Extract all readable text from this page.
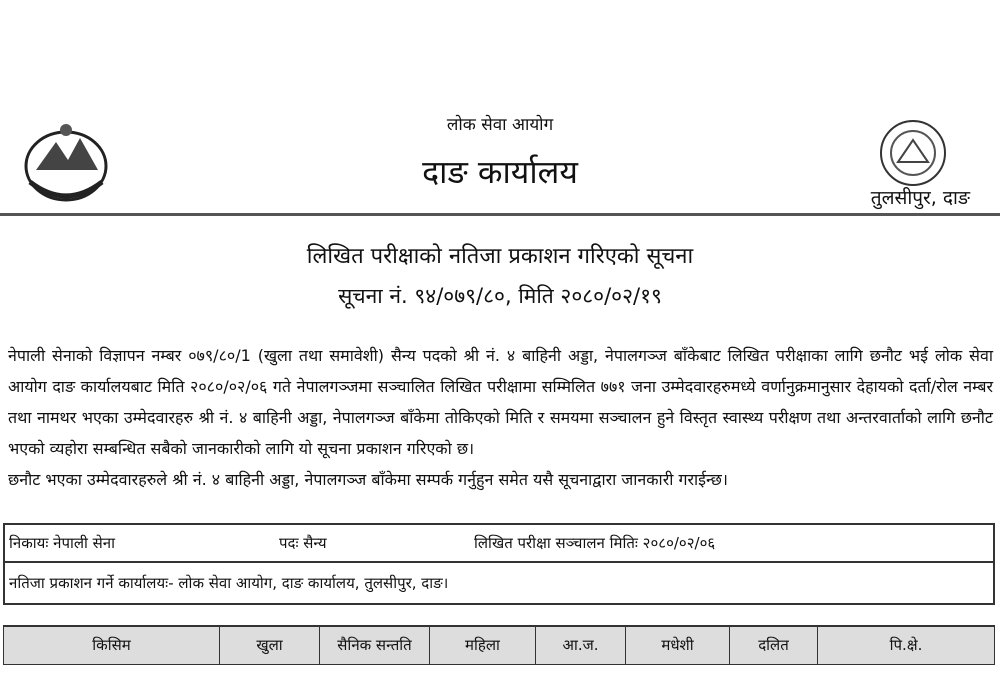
लोक सेवा आयोग
दाङ कार्यालय
तुलसीपुर, दाङ
लिखित परीक्षाको नतिजा प्रकाशन गरिएको सूचना
सूचना नं. ९४/०७९/८०, मिति २०८०/०२/१९

नेपाली सेनाको विज्ञापन नम्बर ०७९/८०/1 (खुला तथा समावेशी) सैन्य पदको श्री नं. ४ बाहिनी अड्डा, नेपालगञ्ज बाँकेबाट लिखित परीक्षाका लागि छनौट भई लोक सेवा आयोग दाङ कार्यालयबाट मिति २०८०/०२/०६ गते नेपालगञ्जमा सञ्चालित लिखित परीक्षामा सम्मिलित ७७१ जना उम्मेदवारहरुमध्ये वर्णानुक्रमानुसार देहायको दर्ता/रोल नम्बर तथा नामथर भएका उम्मेदवारहरु श्री नं. ४ बाहिनी अड्डा, नेपालगञ्ज बाँकेमा तोकिएको मिति र समयमा सञ्चालन हुने विस्तृत स्वास्थ्य परीक्षण तथा अन्तरवार्ताको लागि छनौट भएको व्यहोरा सम्बन्धित सबैको जानकारीको लागि यो सूचना प्रकाशन गरिएको छ।

छनौट भएका उम्मेदवारहरुले श्री नं. ४ बाहिनी अड्डा, नेपालगञ्ज बाँकेमा सम्पर्क गर्नुहुन समेत यसै सूचनाद्वारा जानकारी गराईन्छ।

निकायः नेपाली सेना	पदः सैन्य	लिखित परीक्षा सञ्चालन मितिः २०८०/०२/०६
नतिजा प्रकाशन गर्ने कार्यालयः- लोक सेवा आयोग, दाङ कार्यालय, तुलसीपुर, दाङ।
किसिम	खुला	सैनिक सन्तति	महिला	आ.ज.	मधेशी	दलित	पि.क्षे.
